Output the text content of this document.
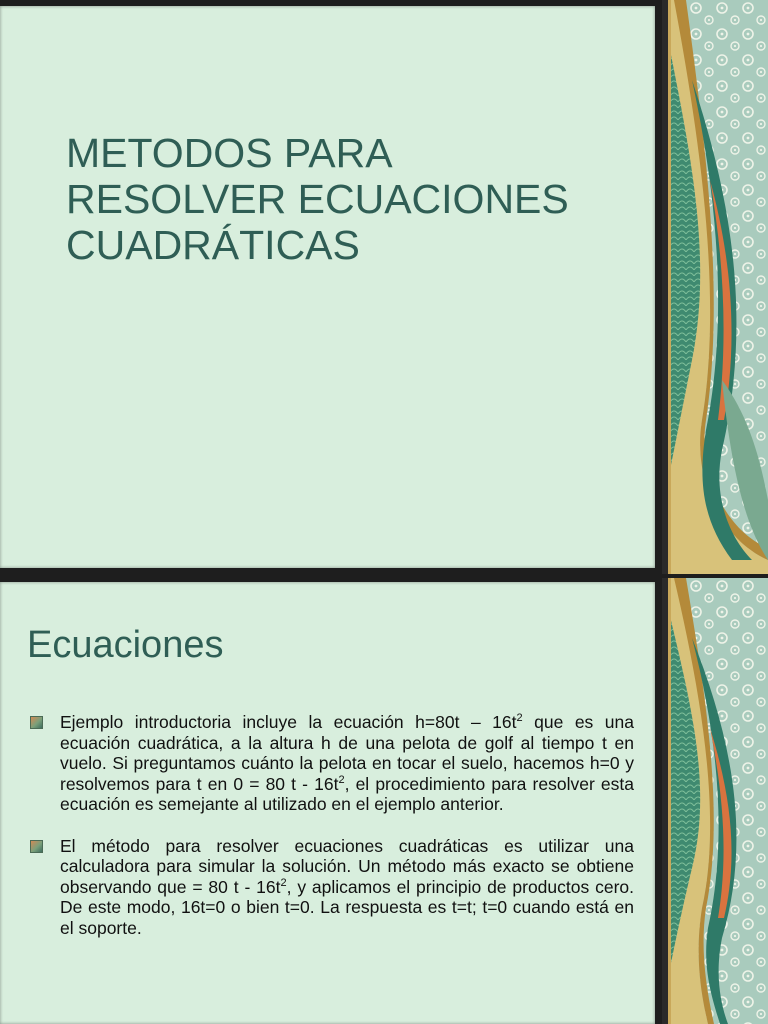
METODOS PARA
RESOLVER ECUACIONES
CUADRÁTICAS
Ecuaciones
Ejemplo introductoria incluye la ecuación $h=80t - 16t^2$ que es una ecuación cuadrática, a la altura h de una pelota de golf al tiempo t en vuelo. Si preguntamos cuánto la pelota en tocar el suelo, hacemos h=0 y resolvemos para t en 0 = 80 t - $16t^2$, el procedimiento para resolver esta ecuación es semejante al utilizado en el ejemplo anterior.
El método para resolver ecuaciones cuadráticas es utilizar una calculadora para simular la solución. Un método más exacto se obtiene observando que = 80 t - $16t^2$, y aplicamos el principio de productos cero. De este modo, 16t=0 o bien t=0. La respuesta es t=t; t=0 cuando está en el soporte.
